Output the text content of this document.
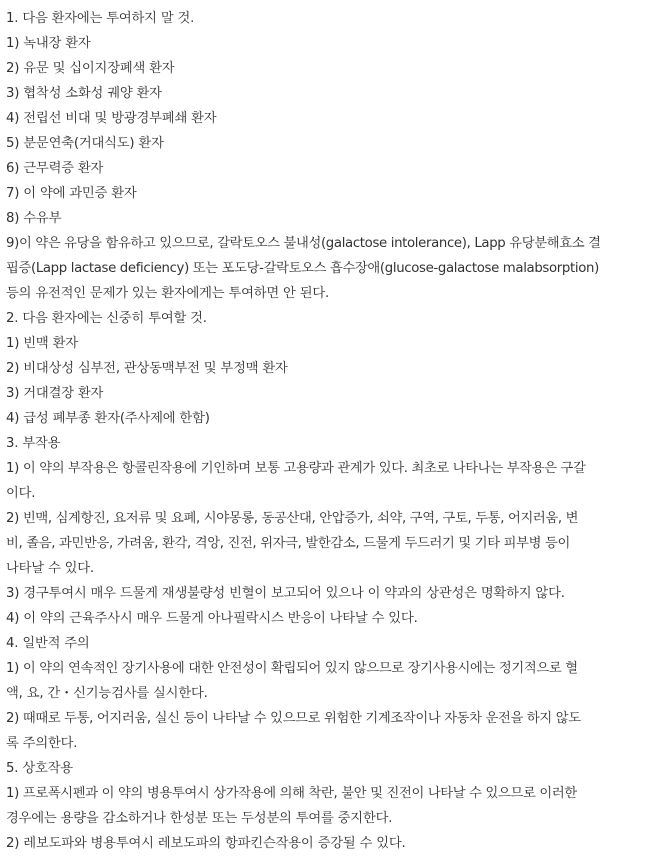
1. 다음 환자에는 투여하지 말 것.
1) 녹내장 환자
2) 유문 및 십이지장폐색 환자
3) 협착성 소화성 궤양 환자
4) 전립선 비대 및 방광경부폐쇄 환자
5) 분문연축(거대식도) 환자
6) 근무력증 환자
7) 이 약에 과민증 환자
8) 수유부
9)이 약은 유당을 함유하고 있으므로, 갈락토오스 불내성(galactose intolerance), Lapp 유당분해효소 결
핍증(Lapp lactase deficiency) 또는 포도당-갈락토오스 흡수장애(glucose-galactose malabsorption)
등의 유전적인 문제가 있는 환자에게는 투여하면 안 된다.
2. 다음 환자에는 신중히 투여할 것.
1) 빈맥 환자
2) 비대상성 심부전, 관상동맥부전 및 부정맥 환자
3) 거대결장 환자
4) 급성 폐부종 환자(주사제에 한함)
3. 부작용
1) 이 약의 부작용은 항콜린작용에 기인하며 보통 고용량과 관계가 있다. 최초로 나타나는 부작용은 구갈
이다.
2) 빈맥, 심계항진, 요저류 및 요폐, 시야몽롱, 동공산대, 안압증가, 쇠약, 구역, 구토, 두통, 어지러움, 변
비, 졸음, 과민반응, 가려움, 환각, 격앙, 진전, 위자극, 발한감소, 드물게 두드러기 및 기타 피부병 등이
나타날 수 있다.
3) 경구투여시 매우 드물게 재생불량성 빈혈이 보고되어 있으나 이 약과의 상관성은 명확하지 않다.
4) 이 약의 근육주사시 매우 드물게 아나필락시스 반응이 나타날 수 있다.
4. 일반적 주의
1) 이 약의 연속적인 장기사용에 대한 안전성이 확립되어 있지 않으므로 장기사용시에는 정기적으로 혈
액, 요, 간・신기능검사를 실시한다.
2) 때때로 두통, 어지러움, 실신 등이 나타날 수 있으므로 위험한 기계조작이나 자동차 운전을 하지 않도
록 주의한다.
5. 상호작용
1) 프로폭시펜과 이 약의 병용투여시 상가작용에 의해 착란, 불안 및 진전이 나타날 수 있으므로 이러한
경우에는 용량을 감소하거나 한성분 또는 두성분의 투여를 중지한다.
2) 레보도파와 병용투여시 레보도파의 항파킨슨작용이 증강될 수 있다.
